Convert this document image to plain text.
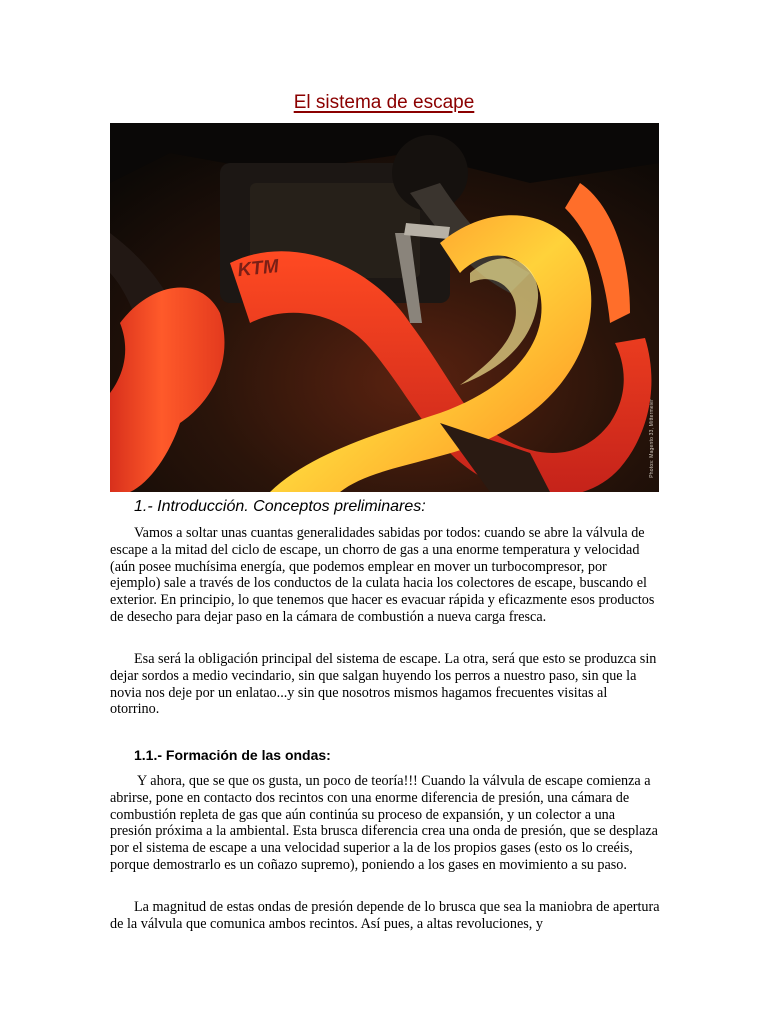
El sistema de escape
KTM
Photos: Magento 33, Mittermeier
1.- Introducción. Conceptos preliminares:

Vamos a soltar unas cuantas generalidades sabidas por todos: cuando se abre la válvula de escape a la mitad del ciclo de escape, un chorro de gas a una enorme temperatura y velocidad (aún posee muchísima energía, que podemos emplear en mover un turbocompresor, por ejemplo) sale a través de los conductos de la culata hacia los colectores de escape, buscando el exterior. En principio, lo que tenemos que hacer es evacuar rápida y eficazmente esos productos de desecho para dejar paso en la cámara de combustión a nueva carga fresca.

Esa será la obligación principal del sistema de escape. La otra, será que esto se produzca sin dejar sordos a medio vecindario, sin que salgan huyendo los perros a nuestro paso, sin que la novia nos deje por un enlatao...y sin que nosotros mismos hagamos frecuentes visitas al otorrino.

1.1.- Formación de las ondas:

Y ahora, que se que os gusta, un poco de teoría!!! Cuando la válvula de escape comienza a abrirse, pone en contacto dos recintos con una enorme diferencia de presión, una cámara de combustión repleta de gas que aún continúa su proceso de expansión, y un colector a una presión próxima a la ambiental. Esta brusca diferencia crea una onda de presión, que se desplaza por el sistema de escape a una velocidad superior a la de los propios gases (esto os lo creéis, porque demostrarlo es un coñazo supremo), poniendo a los gases en movimiento a su paso.

La magnitud de estas ondas de presión depende de lo brusca que sea la maniobra de apertura de la válvula que comunica ambos recintos. Así pues, a altas revoluciones, y
